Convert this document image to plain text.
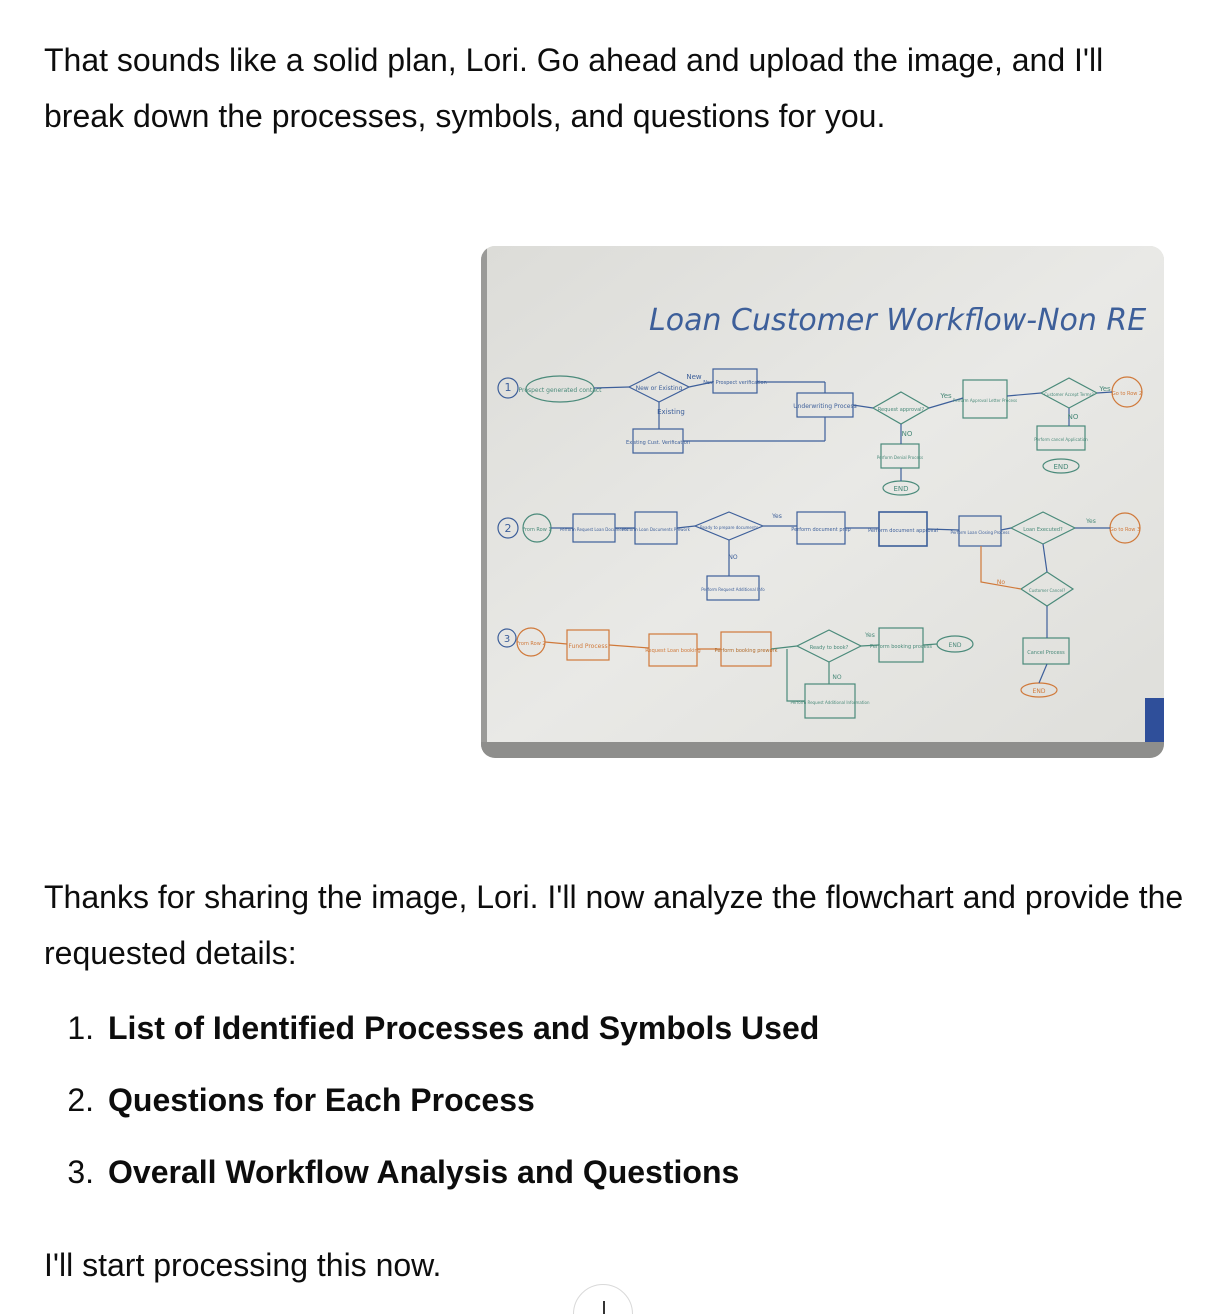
That sounds like a solid plan, Lori. Go ahead and upload the image, and I'll break down the processes, symbols, and questions for you.

Loan Customer Workflow-Non RE
1 Prospect generated contact	New or Existing
New
Existing
New Prospect verification
Existing Cust. Verification
Underwriting Process	Request approval?
Yes
NO
Perform Denial Process
END
Perform Approval Letter Process
Customer Accept Terms?
Yes
NO
Perform cancel Application
END
Go to Row 2
2 From Row 1 Perform Request Loan Documents
Perform Loan Documents Prework Ready to prepare documents
Yes
NO
Perform Request Additional Info
Perform document prep	Perform document approval	Perform Loan Closing Process	Loan Executed?
Yes
No
Customer Cancel?
Cancel Process
END
Go to Row 3
3 From Row 2	Fund Process
Request Loan booking	Perform booking prework	Ready to book?
Yes
Perform booking process	END
NO
Perform Request Additional Information

Thanks for sharing the image, Lori. I'll now analyze the flowchart and provide the requested details:

1. List of Identified Processes and Symbols Used
2. Questions for Each Process
3. Overall Workflow Analysis and Questions

I'll start processing this now.
